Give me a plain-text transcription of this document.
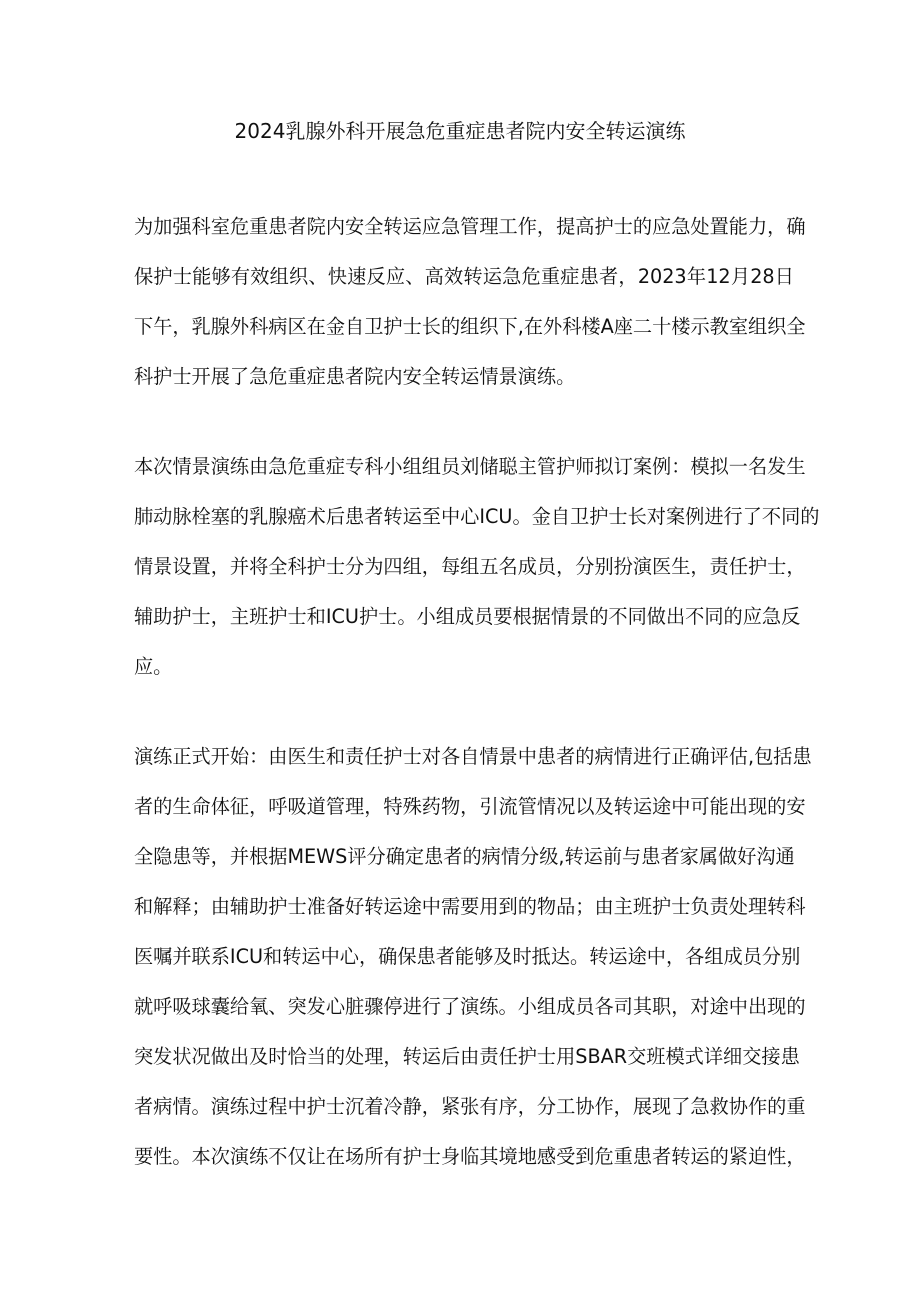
2024乳腺外科开展急危重症患者院内安全转运演练
为加强科室危重患者院内安全转运应急管理工作，提高护士的应急处置能力，确
保护士能够有效组织、快速反应、高效转运急危重症患者，2023年12月28日
下午，乳腺外科病区在金自卫护士长的组织下,在外科楼A座二十楼示教室组织全
科护士开展了急危重症患者院内安全转运情景演练。
本次情景演练由急危重症专科小组组员刘储聪主管护师拟订案例：模拟一名发生
肺动脉栓塞的乳腺癌术后患者转运至中心ICU。金自卫护士长对案例进行了不同的
情景设置，并将全科护士分为四组，每组五名成员，分别扮演医生，责任护士，
辅助护士，主班护士和ICU护士。小组成员要根据情景的不同做出不同的应急反
应。
演练正式开始：由医生和责任护士对各自情景中患者的病情进行正确评估,包括患
者的生命体征，呼吸道管理，特殊药物，引流管情况以及转运途中可能出现的安
全隐患等，并根据MEWS评分确定患者的病情分级,转运前与患者家属做好沟通
和解释；由辅助护士准备好转运途中需要用到的物品；由主班护士负责处理转科
医嘱并联系ICU和转运中心，确保患者能够及时抵达。转运途中，各组成员分别
就呼吸球囊给氧、突发心脏骤停进行了演练。小组成员各司其职，对途中出现的
突发状况做出及时恰当的处理，转运后由责任护士用SBAR交班模式详细交接患
者病情。演练过程中护士沉着冷静，紧张有序，分工协作，展现了急救协作的重
要性。本次演练不仅让在场所有护士身临其境地感受到危重患者转运的紧迫性，
